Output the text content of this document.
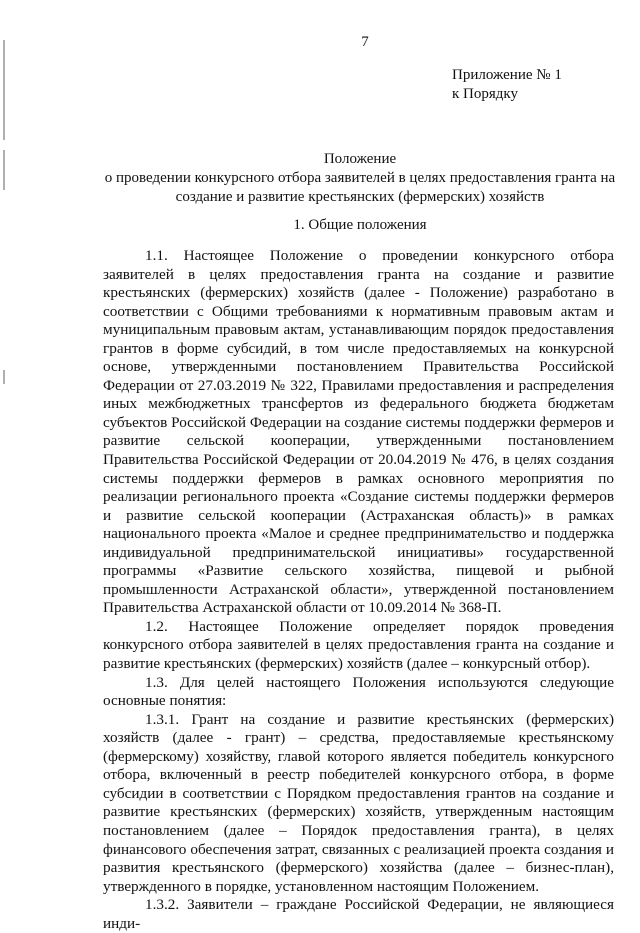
7
Приложение № 1
к Порядку
Положение
о проведении конкурсного отбора заявителей в целях предоставления гранта на
создание и развитие крестьянских (фермерских) хозяйств
1. Общие положения

1.1. Настоящее Положение о проведении конкурсного отбора заявителей в целях предоставления гранта на создание и развитие крестьянских (фермерских) хозяйств (далее - Положение) разработано в соответствии с Общими требованиями к нормативным правовым актам и муниципальным правовым актам, устанавливающим порядок предоставления грантов в форме субсидий, в том числе предоставляемых на конкурсной основе, утвержденными постановлением Правительства Российской Федерации от 27.03.2019 № 322, Правилами предоставления и распределения иных межбюджетных трансфертов из федерального бюджета бюджетам субъектов Российской Федерации на создание системы поддержки фермеров и развитие сельской кооперации, утвержденными постановлением Правительства Российской Федерации от 20.04.2019 № 476, в целях создания системы поддержки фермеров в рамках основного мероприятия по реализации регионального проекта «Создание системы поддержки фермеров и развитие сельской кооперации (Астраханская область)» в рамках национального проекта «Малое и среднее предпринимательство и поддержка индивидуальной предпринимательской инициативы» государственной программы «Развитие сельского хозяйства, пищевой и рыбной промышленности Астраханской области», утвержденной постановлением Правительства Астраханской области от 10.09.2014 № 368-П.

1.2. Настоящее Положение определяет порядок проведения конкурсного отбора заявителей в целях предоставления гранта на создание и развитие крестьянских (фермерских) хозяйств (далее – конкурсный отбор).

1.3. Для целей настоящего Положения используются следующие основные понятия:

1.3.1. Грант на создание и развитие крестьянских (фермерских) хозяйств (далее - грант) – средства, предоставляемые крестьянскому (фермерскому) хозяйству, главой которого является победитель конкурсного отбора, включенный в реестр победителей конкурсного отбора, в форме субсидии в соответствии с Порядком предоставления грантов на создание и развитие крестьянских (фермерских) хозяйств, утвержденным настоящим постановлением (далее – Порядок предоставления гранта), в целях финансового обеспечения затрат, связанных с реализацией проекта создания и развития крестьянского (фермерского) хозяйства (далее – бизнес-план), утвержденного в порядке, установленном настоящим Положением.

1.3.2. Заявители – граждане Российской Федерации, не являющиеся инди-
